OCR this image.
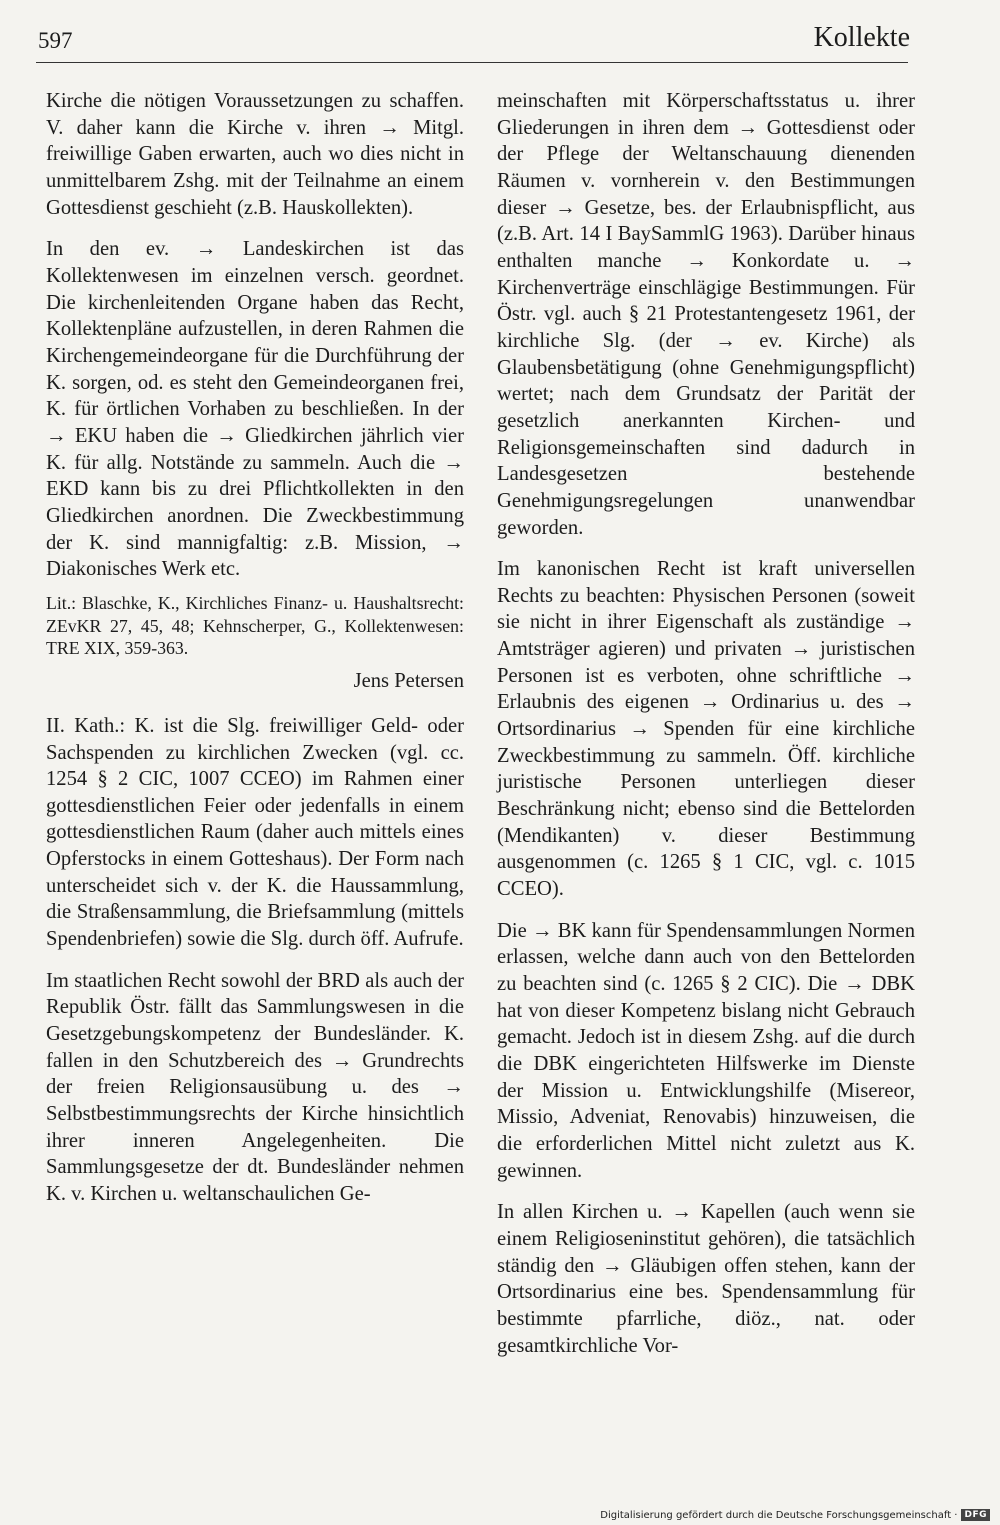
597	Kollekte

Kirche die nötigen Voraussetzungen zu schaffen. V. daher kann die Kirche v. ihren → Mitgl. freiwillige Gaben erwarten, auch wo dies nicht in unmittelbarem Zshg. mit der Teilnahme an einem Gottesdienst geschieht (z.B. Hauskollekten).

In den ev. → Landeskirchen ist das Kollektenwesen im einzelnen versch. geordnet. Die kirchenleitenden Organe haben das Recht, Kollektenpläne aufzustellen, in deren Rahmen die Kirchengemeindeorgane für die Durchführung der K. sorgen, od. es steht den Gemeindeorganen frei, K. für örtlichen Vorhaben zu beschließen. In der → EKU haben die → Gliedkirchen jährlich vier K. für allg. Notstände zu sammeln. Auch die → EKD kann bis zu drei Pflichtkollekten in den Gliedkirchen anordnen. Die Zweckbestimmung der K. sind mannigfaltig: z.B. Mission, → Diakonisches Werk etc.

Lit.: Blaschke, K., Kirchliches Finanz- u. Haushaltsrecht: ZEvKR 27, 45, 48; Kehnscherper, G., Kollektenwesen: TRE XIX, 359-363.

Jens Petersen

II. Kath.: K. ist die Slg. freiwilliger Geld- oder Sachspenden zu kirchlichen Zwecken (vgl. cc. 1254 § 2 CIC, 1007 CCEO) im Rahmen einer gottesdienstlichen Feier oder jedenfalls in einem gottesdienstlichen Raum (daher auch mittels eines Opferstocks in einem Gotteshaus). Der Form nach unterscheidet sich v. der K. die Haussammlung, die Straßensammlung, die Briefsammlung (mittels Spendenbriefen) sowie die Slg. durch öff. Aufrufe.

Im staatlichen Recht sowohl der BRD als auch der Republik Östr. fällt das Sammlungswesen in die Gesetzgebungskompetenz der Bundesländer. K. fallen in den Schutzbereich des → Grundrechts der freien Religionsausübung u. des → Selbstbestimmungsrechts der Kirche hinsichtlich ihrer inneren Angelegenheiten. Die Sammlungsgesetze der dt. Bundesländer nehmen K. v. Kirchen u. weltanschaulichen Ge-

meinschaften mit Körperschaftsstatus u. ihrer Gliederungen in ihren dem → Gottesdienst oder der Pflege der Weltanschauung dienenden Räumen v. vornherein v. den Bestimmungen dieser → Gesetze, bes. der Erlaubnispflicht, aus (z.B. Art. 14 I BaySammlG 1963). Darüber hinaus enthalten manche → Konkordate u. → Kirchenverträge einschlägige Bestimmungen. Für Östr. vgl. auch § 21 Protestantengesetz 1961, der kirchliche Slg. (der → ev. Kirche) als Glaubensbetätigung (ohne Genehmigungspflicht) wertet; nach dem Grundsatz der Parität der gesetzlich anerkannten Kirchen- und Religionsgemeinschaften sind dadurch in Landesgesetzen bestehende Genehmigungsregelungen unanwendbar geworden.

Im kanonischen Recht ist kraft universellen Rechts zu beachten: Physischen Personen (soweit sie nicht in ihrer Eigenschaft als zuständige → Amtsträger agieren) und privaten → juristischen Personen ist es verboten, ohne schriftliche → Erlaubnis des eigenen → Ordinarius u. des → Ortsordinarius → Spenden für eine kirchliche Zweckbestimmung zu sammeln. Öff. kirchliche juristische Personen unterliegen dieser Beschränkung nicht; ebenso sind die Bettelorden (Mendikanten) v. dieser Bestimmung ausgenommen (c. 1265 § 1 CIC, vgl. c. 1015 CCEO).

Die → BK kann für Spendensammlungen Normen erlassen, welche dann auch von den Bettelorden zu beachten sind (c. 1265 § 2 CIC). Die → DBK hat von dieser Kompetenz bislang nicht Gebrauch gemacht. Jedoch ist in diesem Zshg. auf die durch die DBK eingerichteten Hilfswerke im Dienste der Mission u. Entwicklungshilfe (Misereor, Missio, Adveniat, Renovabis) hinzuweisen, die die erforderlichen Mittel nicht zuletzt aus K. gewinnen.

In allen Kirchen u. → Kapellen (auch wenn sie einem Religioseninstitut gehören), die tatsächlich ständig den → Gläubigen offen stehen, kann der Ortsordinarius eine bes. Spendensammlung für bestimmte pfarrliche, diöz., nat. oder gesamtkirchliche Vor-

Digitalisierung gefördert durch die Deutsche Forschungsgemeinschaft · DFG
